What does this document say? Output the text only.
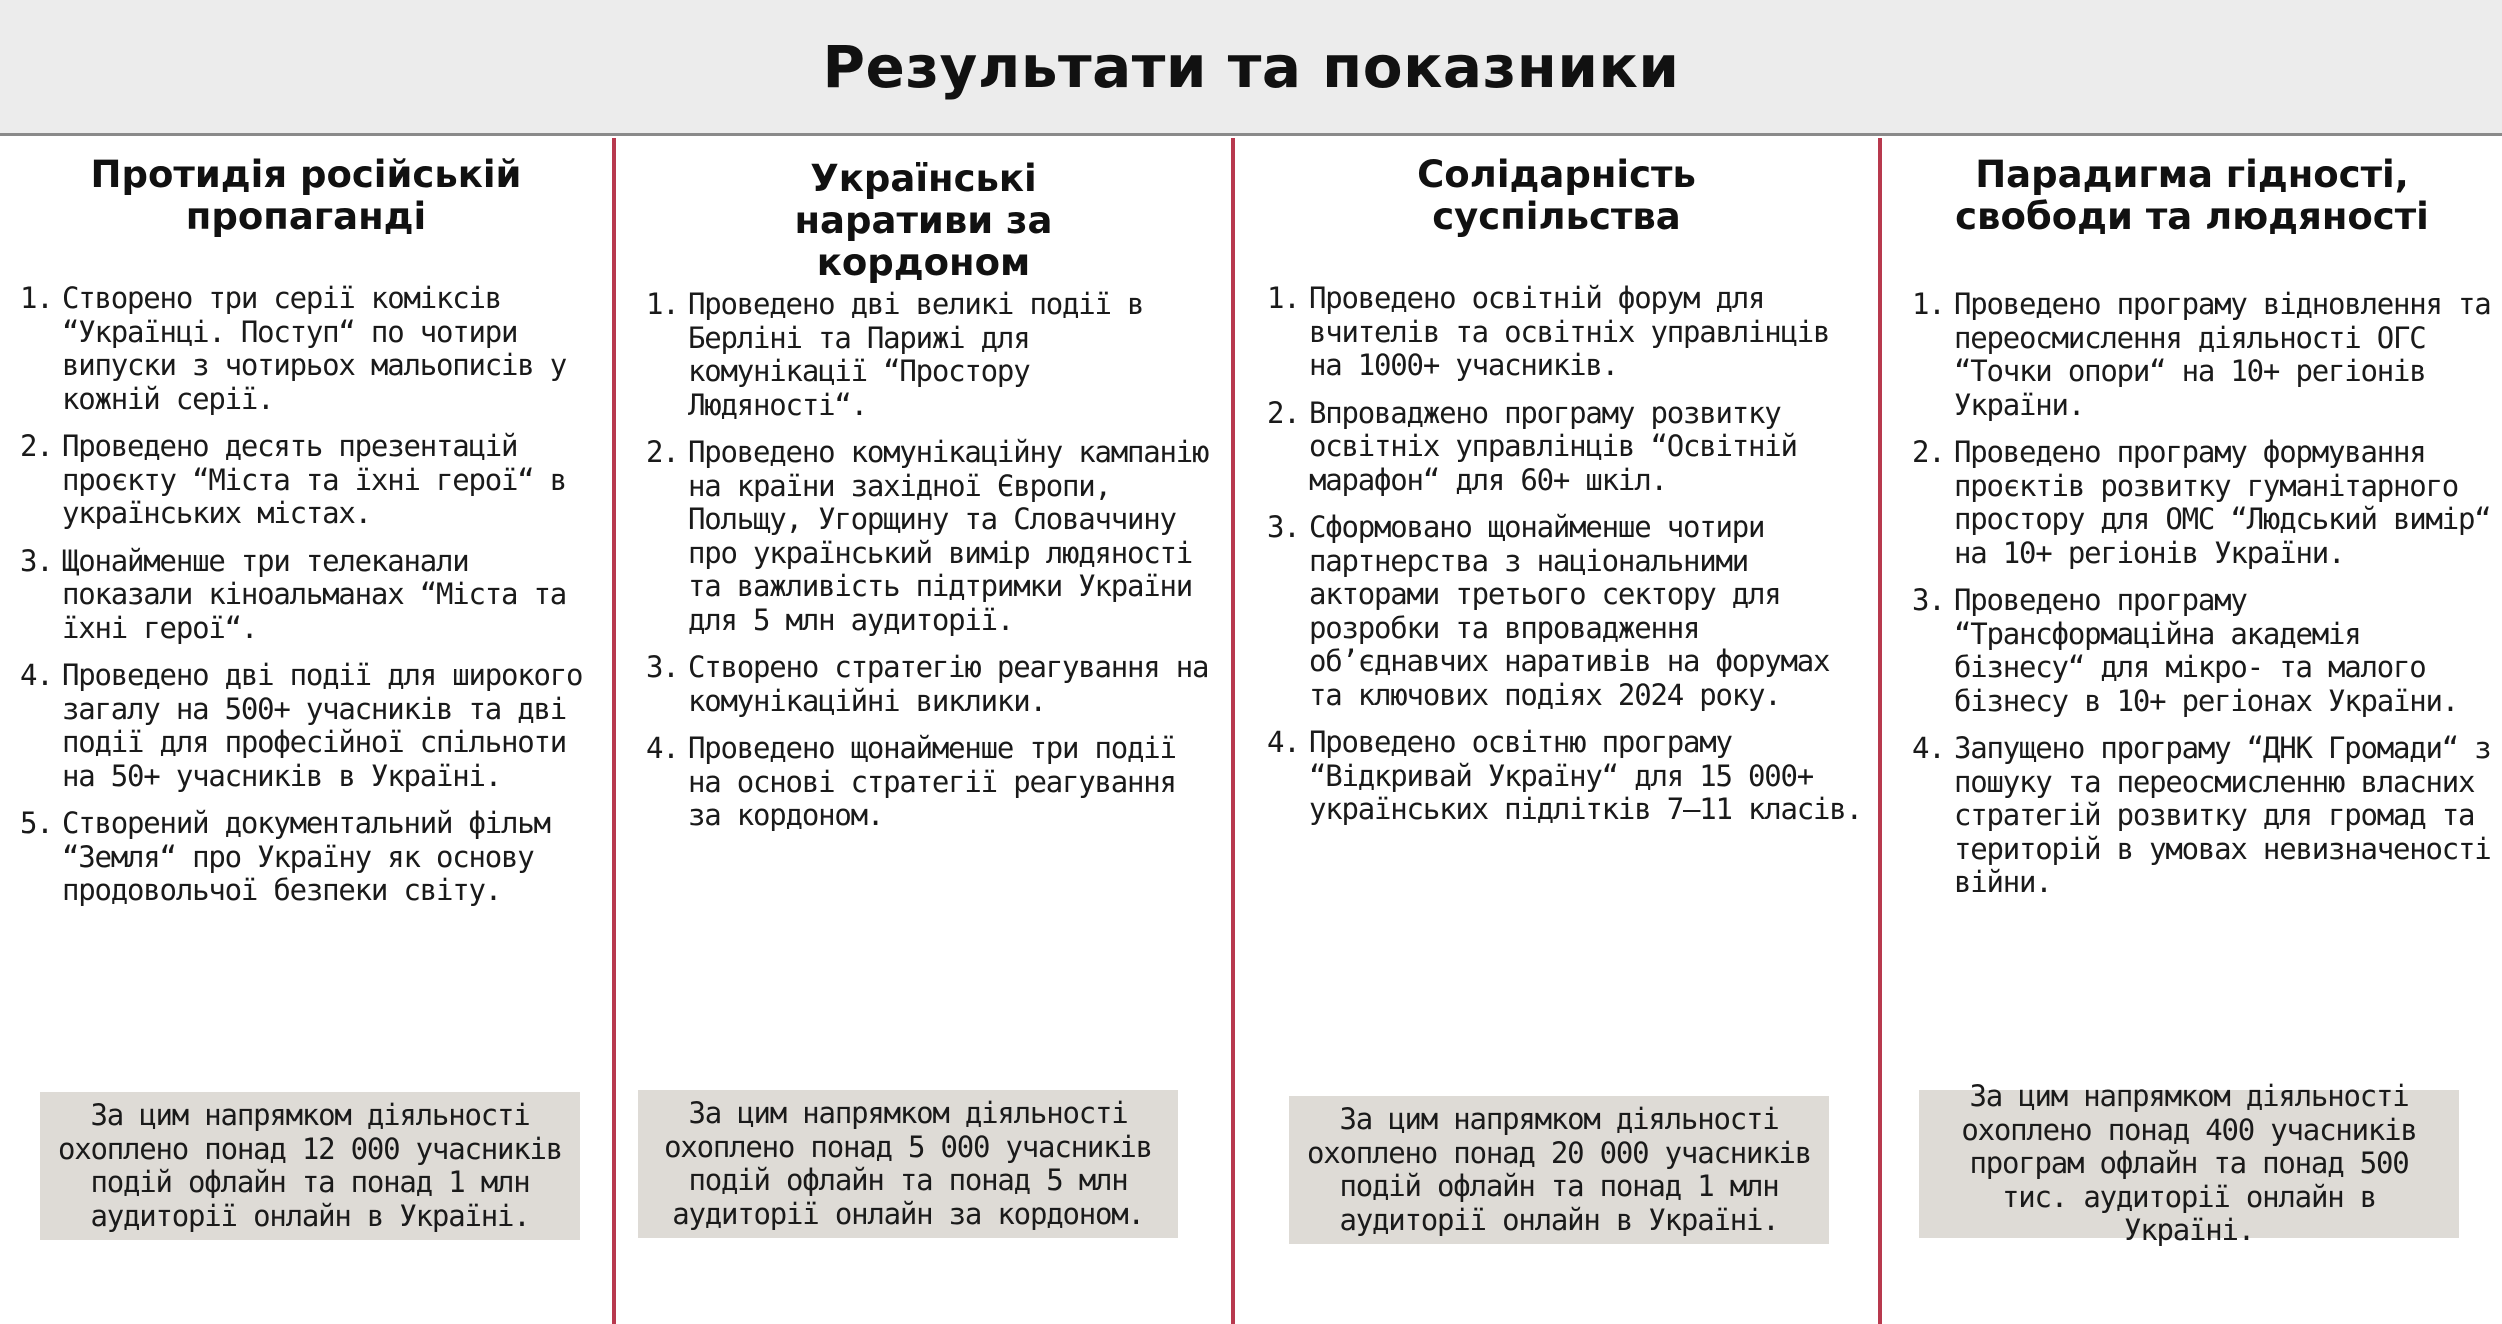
Результати та показники
Протидія російській пропаганді
1. Створено три серії коміксів “Українці. Поступ“ по чотири випуски з чотирьох мальописів у кожній серії.
2. Проведено десять презентацій проєкту “Міста та їхні герої“ в українських містах.
3. Щонайменше три телеканали показали кіноальманах “Міста та їхні герої“.
4. Проведено дві події для широкого загалу на 500+ учасників та дві події для професійної спільноти на 50+ учасників в Україні.
5. Створений документальний фільм “Земля“ про Україну як основу продовольчої безпеки світу.
За цим напрямком діяльності охоплено понад 12 000 учасників подій офлайн та понад 1 млн аудиторії онлайн в Україні.
Українські наративи за кордоном
1. Проведено дві великі події в Берліні та Парижі для комунікації “Простору Людяності“.
2. Проведено комунікаційну кампанію на країни західної Європи, Польщу, Угорщину та Словаччину про український вимір людяності та важливість підтримки України для 5 млн аудиторії.
3. Створено стратегію реагування на комунікаційні виклики.
4. Проведено щонайменше три події на основі стратегії реагування за кордоном.
За цим напрямком діяльності охоплено понад 5 000 учасників подій офлайн та понад 5 млн аудиторії онлайн за кордоном.
Солідарність суспільства
1. Проведено освітній форум для вчителів та освітніх управлінців на 1000+ учасників.
2. Впроваджено програму розвитку освітніх управлінців “Освітній марафон“ для 60+ шкіл.
3. Сформовано щонайменше чотири партнерства з національними акторами третього сектору для розробки та впровадження об’єднавчих наративів на форумах та ключових подіях 2024 року.
4. Проведено освітню програму “Відкривай Україну“ для 15 000+ українських підлітків 7–11 класів.
За цим напрямком діяльності охоплено понад 20 000 учасників подій офлайн та понад 1 млн аудиторії онлайн в Україні.
Парадигма гідності, свободи та людяності
1. Проведено програму відновлення та переосмислення діяльності ОГС “Точки опори“ на 10+ регіонів України.
2. Проведено програму формування проєктів розвитку гуманітарного простору для ОМС “Людський вимір“ на 10+ регіонів України.
3. Проведено програму “Трансформаційна академія бізнесу“ для мікро- та малого бізнесу в 10+ регіонах України.
4. Запущено програму “ДНК Громади“ з пошуку та переосмисленню власних стратегій розвитку для громад та територій в умовах невизначеності війни.
За цим напрямком діяльності охоплено понад 400 учасників програм офлайн та понад 500 тис. аудиторії онлайн в Україні.
